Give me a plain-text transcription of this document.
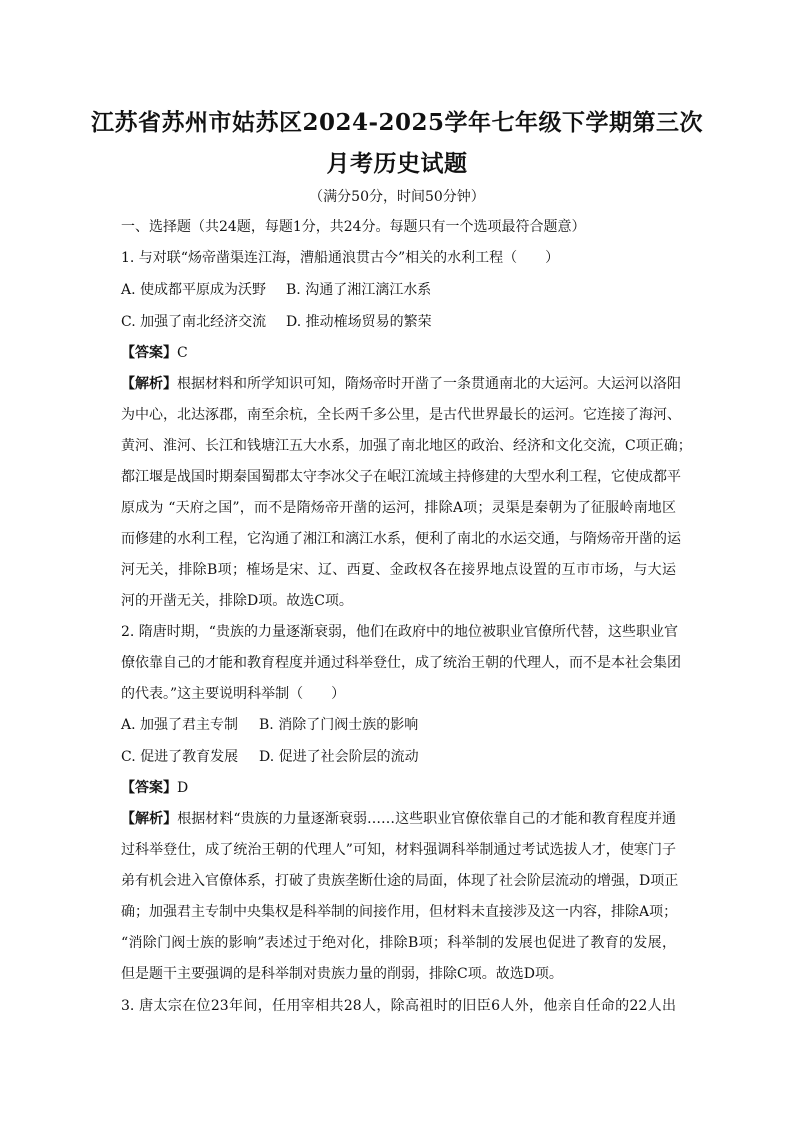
江苏省苏州市姑苏区2024-2025学年七年级下学期第三次
月考历史试题
（满分50分，时间50分钟）
一、选择题（共24题，每题1分，共24分。每题只有一个选项最符合题意）
1. 与对联“炀帝凿渠连江海，漕船通浪贯古今”相关的水利工程（　　）
A. 使成都平原成为沃野 B. 沟通了湘江漓江水系
C. 加强了南北经济交流 D. 推动榷场贸易的繁荣
【答案】C
【解析】根据材料和所学知识可知，隋炀帝时开凿了一条贯通南北的大运河。大运河以洛阳
为中心，北达涿郡，南至余杭，全长两千多公里，是古代世界最长的运河。它连接了海河、
黄河、淮河、长江和钱塘江五大水系，加强了南北地区的政治、经济和文化交流，C项正确；
都江堰是战国时期秦国蜀郡太守李冰父子在岷江流域主持修建的大型水利工程，它使成都平
原成为 “天府之国”，而不是隋炀帝开凿的运河，排除A项；灵渠是秦朝为了征服岭南地区
而修建的水利工程，它沟通了湘江和漓江水系，便利了南北的水运交通，与隋炀帝开凿的运
河无关，排除B项；榷场是宋、辽、西夏、金政权各在接界地点设置的互市市场，与大运
河的开凿无关，排除D项。故选C项。
2. 隋唐时期，“贵族的力量逐渐衰弱，他们在政府中的地位被职业官僚所代替，这些职业官
僚依靠自己的才能和教育程度并通过科举登仕，成了统治王朝的代理人，而不是本社会集团
的代表。”这主要说明科举制（　　）
A. 加强了君主专制 B. 消除了门阀士族的影响
C. 促进了教育发展 D. 促进了社会阶层的流动
【答案】D
【解析】根据材料“贵族的力量逐渐衰弱……这些职业官僚依靠自己的才能和教育程度并通
过科举登仕，成了统治王朝的代理人”可知，材料强调科举制通过考试选拔人才，使寒门子
弟有机会进入官僚体系，打破了贵族垄断仕途的局面，体现了社会阶层流动的增强，D项正
确；加强君主专制中央集权是科举制的间接作用，但材料未直接涉及这一内容，排除A项；
“消除门阀士族的影响”表述过于绝对化，排除B项；科举制的发展也促进了教育的发展，
但是题干主要强调的是科举制对贵族力量的削弱，排除C项。故选D项。
3. 唐太宗在位23年间，任用宰相共28人，除高祖时的旧臣6人外，他亲自任命的22人出
